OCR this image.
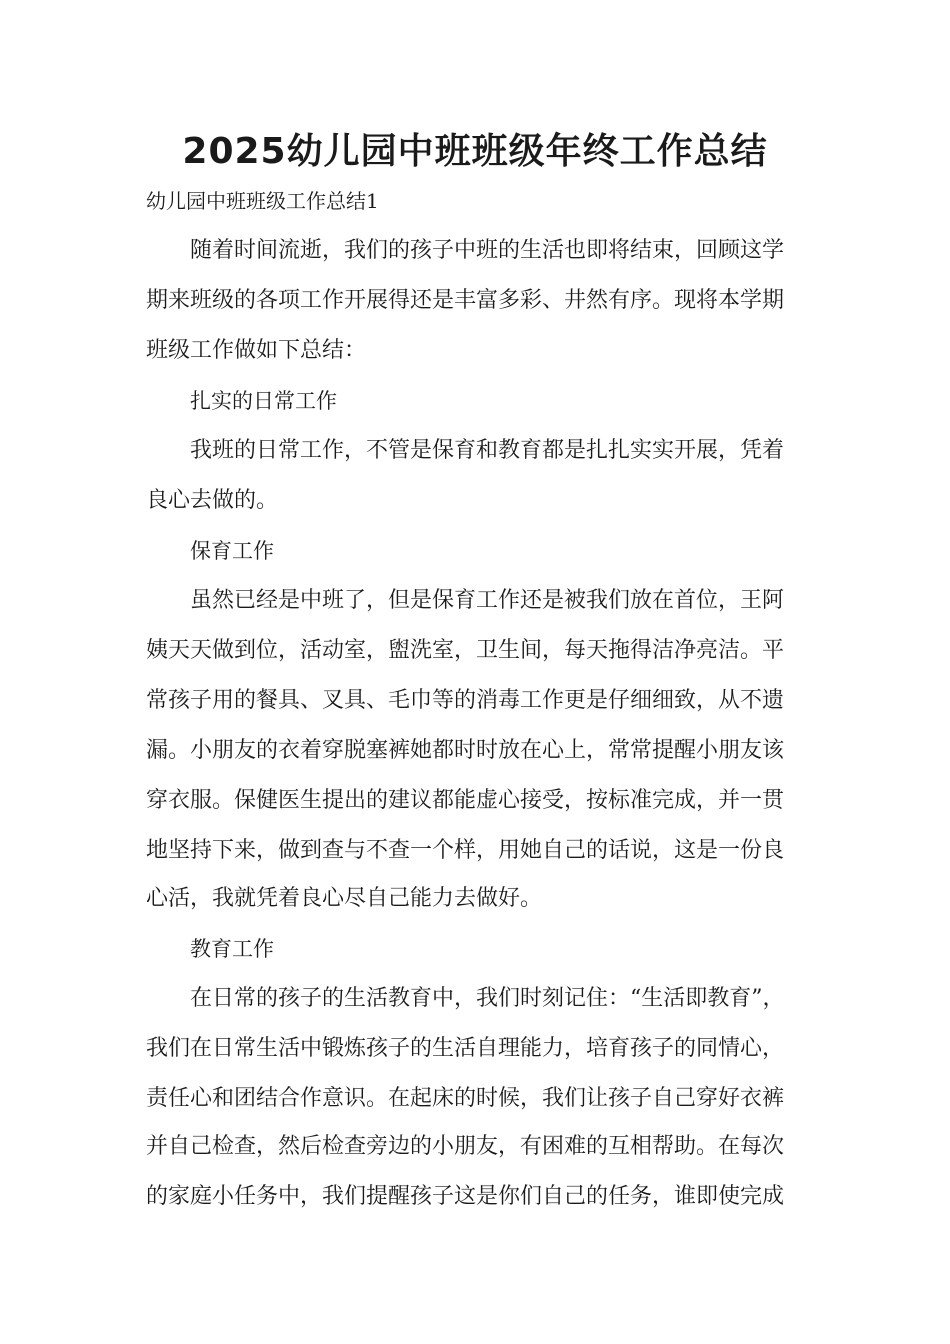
2025幼儿园中班班级年终工作总结

幼儿园中班班级工作总结1

随着时间流逝，我们的孩子中班的生活也即将结束，回顾这学

期来班级的各项工作开展得还是丰富多彩、井然有序。现将本学期

班级工作做如下总结：

扎实的日常工作

我班的日常工作，不管是保育和教育都是扎扎实实开展，凭着

良心去做的。

保育工作

虽然已经是中班了，但是保育工作还是被我们放在首位，王阿

姨天天做到位，活动室，盥洗室，卫生间，每天拖得洁净亮洁。平

常孩子用的餐具、叉具、毛巾等的消毒工作更是仔细细致，从不遗

漏。小朋友的衣着穿脱塞裤她都时时放在心上，常常提醒小朋友该

穿衣服。保健医生提出的建议都能虚心接受，按标准完成，并一贯

地坚持下来，做到查与不查一个样，用她自己的话说，这是一份良

心活，我就凭着良心尽自己能力去做好。

教育工作

在日常的孩子的生活教育中，我们时刻记住：“生活即教育”，

我们在日常生活中锻炼孩子的生活自理能力，培育孩子的同情心，

责任心和团结合作意识。在起床的时候，我们让孩子自己穿好衣裤

并自己检查，然后检查旁边的小朋友，有困难的互相帮助。在每次

的家庭小任务中，我们提醒孩子这是你们自己的任务，谁即使完成
